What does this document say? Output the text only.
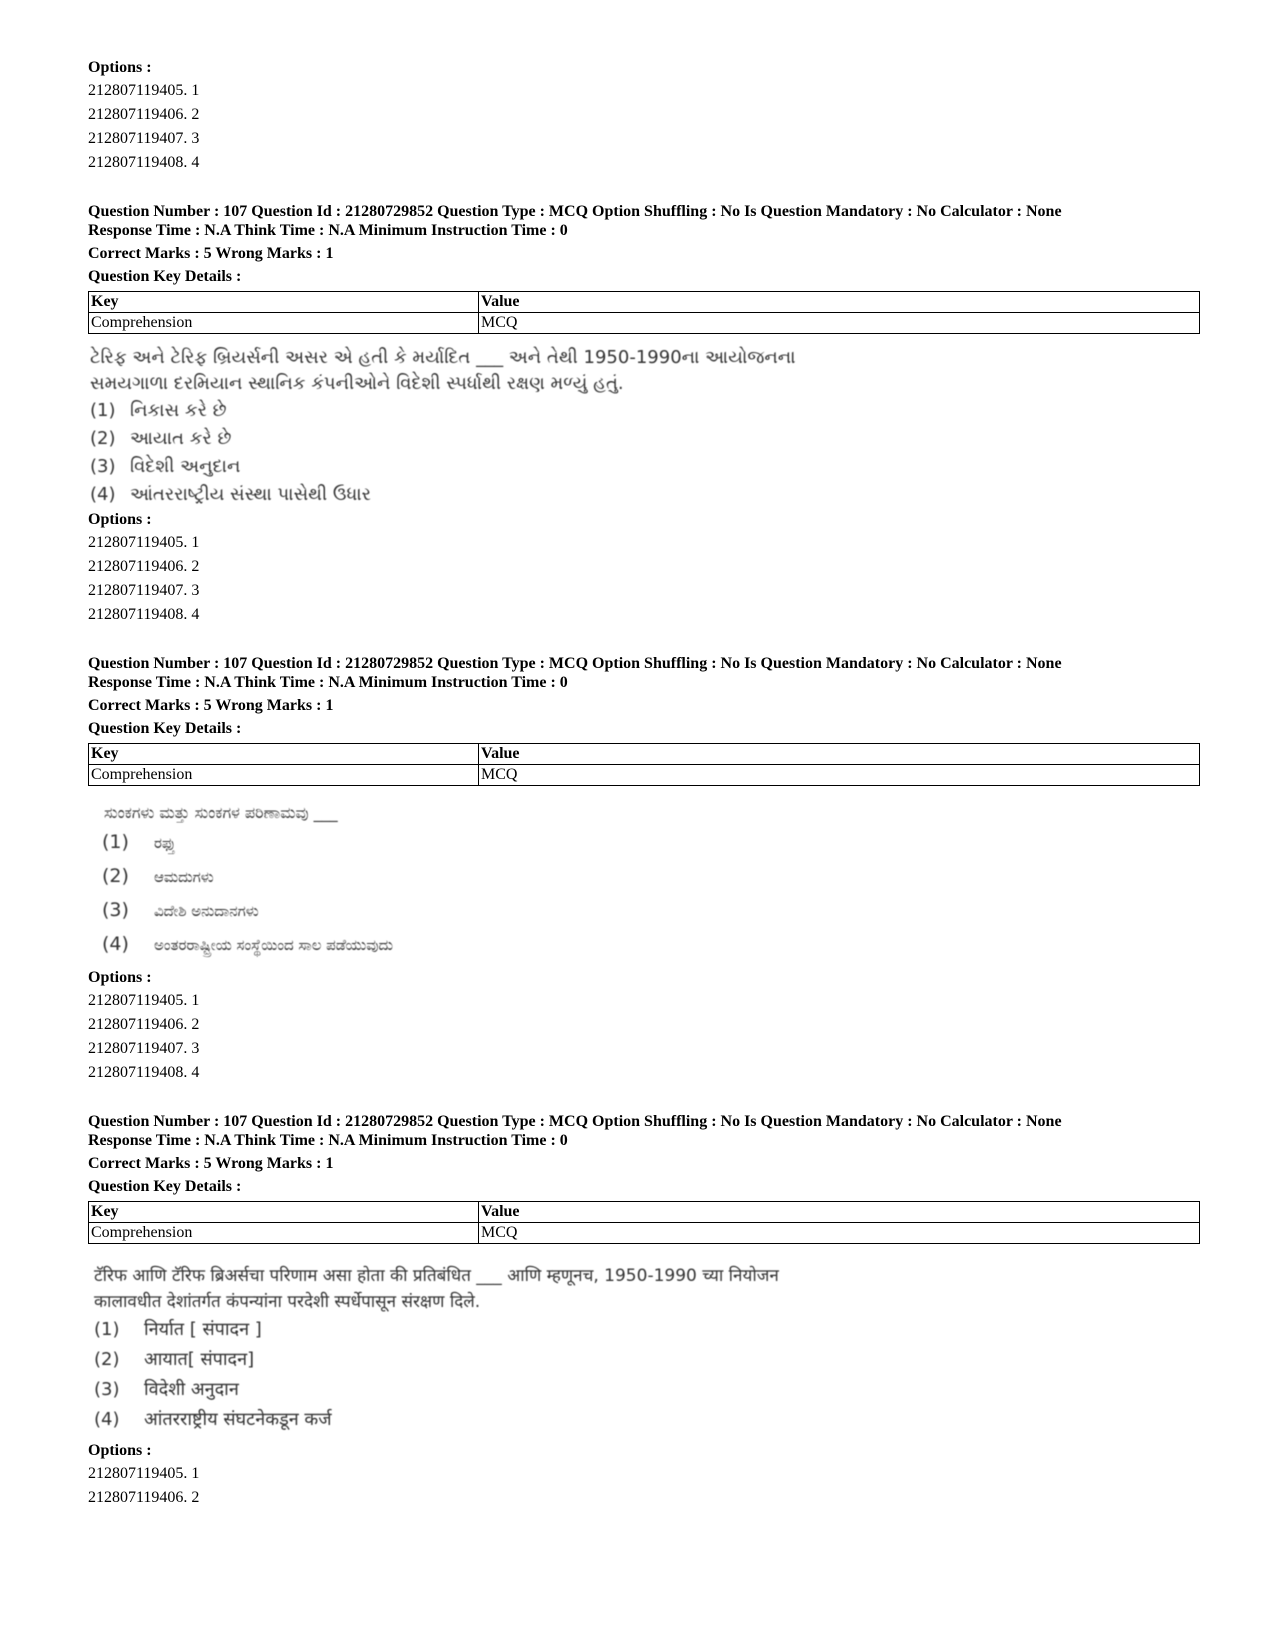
Options :
212807119405. 1
212807119406. 2
212807119407. 3
212807119408. 4
Question Number : 107 Question Id : 21280729852 Question Type : MCQ Option Shuffling : No Is Question Mandatory : No Calculator : None
Response Time : N.A Think Time : N.A Minimum Instruction Time : 0
Correct Marks : 5 Wrong Marks : 1
Question Key Details :
Key	Value
Comprehension	MCQ
ટેરિફ અને ટેરિફ બ્રિયર્સની અસર એ હતી કે મર્યાદિત ___ અને તેથી 1950-1990ના આયોજનના
સમયગાળા દરમિયાન સ્થાનિક કંપનીઓને વિદેશી સ્પર્ધાથી રક્ષણ મળ્યું હતું.
(1) નિકાસ કરે છે
(2) આયાત કરે છે
(3) વિદેશી અનુદાન
(4) આંતરરાષ્ટ્રીય સંસ્થા પાસેથી ઉધાર
Options :
212807119405. 1
212807119406. 2
212807119407. 3
212807119408. 4
Question Number : 107 Question Id : 21280729852 Question Type : MCQ Option Shuffling : No Is Question Mandatory : No Calculator : None
Response Time : N.A Think Time : N.A Minimum Instruction Time : 0
Correct Marks : 5 Wrong Marks : 1
Question Key Details :
Key	Value
Comprehension	MCQ
ಸುಂಕಗಳು ಮತ್ತು ಸುಂಕಗಳ ಪರಿಣಾಮವು ___
(1) ರಫ್ತು
(2) ಆಮದುಗಳು
(3) ವಿದೇಶಿ ಅನುದಾನಗಳು
(4) ಅಂತರರಾಷ್ಟ್ರೀಯ ಸಂಸ್ಥೆಯಿಂದ ಸಾಲ ಪಡೆಯುವುದು
Options :
212807119405. 1
212807119406. 2
212807119407. 3
212807119408. 4
Question Number : 107 Question Id : 21280729852 Question Type : MCQ Option Shuffling : No Is Question Mandatory : No Calculator : None
Response Time : N.A Think Time : N.A Minimum Instruction Time : 0
Correct Marks : 5 Wrong Marks : 1
Question Key Details :
Key	Value
Comprehension	MCQ
टॅरिफ आणि टॅरिफ ब्रिअर्सचा परिणाम असा होता की प्रतिबंधित ___ आणि म्हणूनच, 1950-1990 च्या नियोजन
कालावधीत देशांतर्गत कंपन्यांना परदेशी स्पर्धेपासून संरक्षण दिले.
(1) निर्यात [ संपादन ]
(2) आयात[ संपादन]
(3) विदेशी अनुदान
(4) आंतरराष्ट्रीय संघटनेकडून कर्ज
Options :
212807119405. 1
212807119406. 2
